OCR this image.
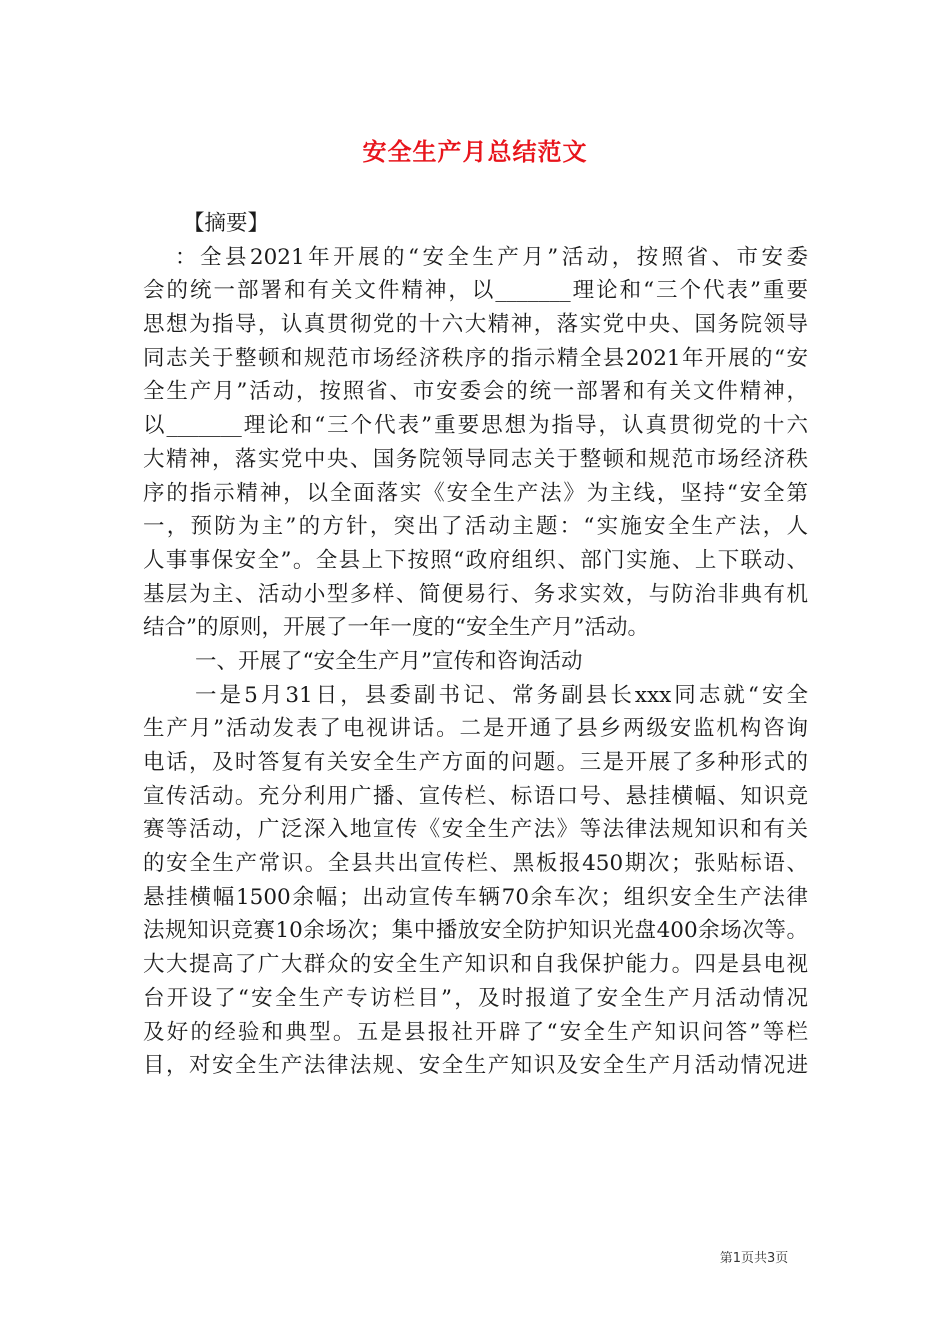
安全生产月总结范文
【摘要】
：全县2021年开展的“安全生产月”活动，按照省、市安委
会的统一部署和有关文件精神，以_______理论和“三个代表”重要
思想为指导，认真贯彻党的十六大精神，落实党中央、国务院领导
同志关于整顿和规范市场经济秩序的指示精全县2021年开展的“安
全生产月”活动，按照省、市安委会的统一部署和有关文件精神，
以_______理论和“三个代表”重要思想为指导，认真贯彻党的十六
大精神，落实党中央、国务院领导同志关于整顿和规范市场经济秩
序的指示精神，以全面落实《安全生产法》为主线，坚持“安全第
一，预防为主”的方针，突出了活动主题：“实施安全生产法，人
人事事保安全”。全县上下按照“政府组织、部门实施、上下联动、
基层为主、活动小型多样、简便易行、务求实效，与防治非典有机
结合”的原则，开展了一年一度的“安全生产月”活动。
一、开展了“安全生产月”宣传和咨询活动
一是5月31日，县委副书记、常务副县长xxx同志就“安全
生产月”活动发表了电视讲话。二是开通了县乡两级安监机构咨询
电话，及时答复有关安全生产方面的问题。三是开展了多种形式的
宣传活动。充分利用广播、宣传栏、标语口号、悬挂横幅、知识竞
赛等活动，广泛深入地宣传《安全生产法》等法律法规知识和有关
的安全生产常识。全县共出宣传栏、黑板报450期次；张贴标语、
悬挂横幅1500余幅；出动宣传车辆70余车次；组织安全生产法律
法规知识竞赛10余场次；集中播放安全防护知识光盘400余场次等。
大大提高了广大群众的安全生产知识和自我保护能力。四是县电视
台开设了“安全生产专访栏目”，及时报道了安全生产月活动情况
及好的经验和典型。五是县报社开辟了“安全生产知识问答”等栏
目，对安全生产法律法规、安全生产知识及安全生产月活动情况进
第1页共3页
